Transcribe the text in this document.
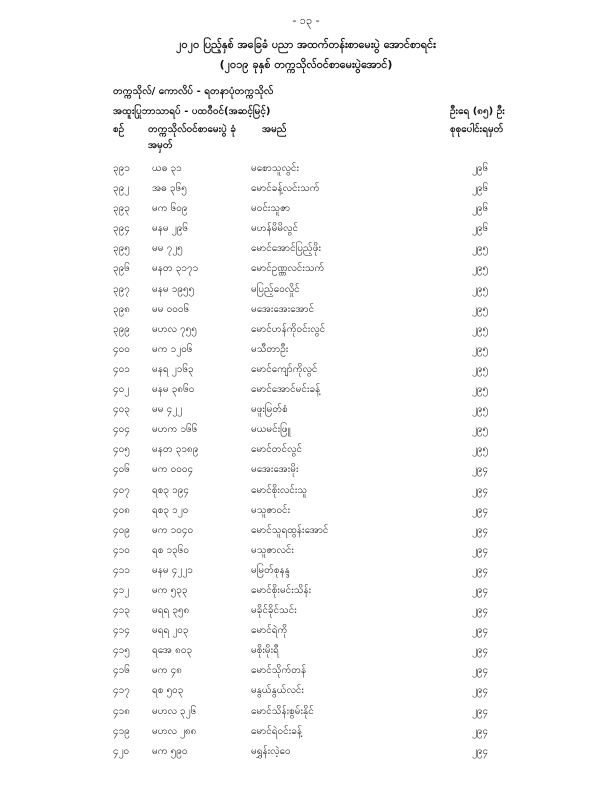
- ၁၃ -
၂၀၂၀ ပြည့်နှစ် အခြေခံ ပညာ အထက်တန်းစာမေးပွဲ အောင်စာရင်း
(၂၀၁၉ ခုနှစ် တက္ကသိုလ်ဝင်စာမေးပွဲအောင်)
တက္ကသိုလ်/ ကောလိပ် - ရတနာပုံတက္ကသိုလ်
အထူးပြုဘာသာရပ် - ပထဝီဝင်(အဆင့်မြင့်)	ဦးရေ (၈၅) ဦး
စဉ် တက္ကသိုလ်ဝင်စာမေးပွဲ ခုံအမှတ်
အမည်	စုစုပေါင်းရမှတ်
၃၉၁ ယဓ ၃၁	မစောသူလွင်း	၂၉၆
၃၉၂ အဓ ၃၆၅	မောင်ခန့်လင်းသက်	၂၉၆
၃၉၃ မက ၆၀၉	မဝင်းသူဇာ	၂၉၆
၃၉၄ မနမ ၂၉၆	မဟန်မိမိလွင်	၂၉၆
၃၉၅ မမ ၇၂၅	မောင်အောင်ပြည့်ဖိုး	၂၉၅
၃၉၆ မနတ ၃၁၇၁	မောင်ဥဏ္ဏလင်းသက်	၂၉၅
၃၉၇ မနမ ၁၉၅၅	မပြည့်ဝေလှိုင်	၂၉၅
၃၉၈ မမ ၀၀၀၆	မအေးအေးအောင်	၂၉၅
၃၉၉ မဟလ ၇၅၅	မောင်ဟန်ကိုဝင်းလွင်	၂၉၅
၄၀၀ မက ၁၂၀၆	မသီတာဦး	၂၉၅
၄၀၁ မနရ ၂၁၆၃	မောင်ကျော်ကိုလွင်	၂၉၅
၄၀၂ မနမ ၃၈၆၀	မောင်အောင်မင်းခန့်	၂၉၅
၄၀၃ မမ ၄၂၂	မဖူးမြတ်စံ	၂၉၅
၄၀၄ မဟက ၁၆၆	မယမင်းဖြူ	၂၉၅
၄၀၅ မနတ ၃၁၈၉	မောင်တင်လွင်	၂၉၅
၄၀၆ မက ၀၀၀၄	မအေးအေးမိုး	၂၉၄
၄၀၇ ရစ၃ ၁၉၄	မောင်စိုးလင်းသူ	၂၉၄
၄၀၈ ရစ၃ ၁၂၀	မသူဇာဝင်း	၂၉၄
၄၀၉ မက ၁၀၄၀	မောင်သူရထွန်းအောင်	၂၉၄
၄၁၀ ရစ ၁၃၆၀	မသူဇာလင်း	၂၉၄
၄၁၁ မနမ ၄၂၂၁	မမြတ်စုနန္ဒ	၂၉၄
၄၁၂ မက ၅၃၃	မောင်စိုးမင်းသိန်း	၂၉၄
၄၁၃ မရရ ၃၅၈	မခိုင်ခိုင်သင်း	၂၉၄
၄၁၄ မရရ ၂၀၃	မောင်ရဲကို	၂၉၄
၄၁၅ ရအေ ၈၀၃	မစိုးမိုးရီ	၂၉၄
၄၁၆ မက ၄၈	မောင်သိုက်တန်	၂၉၄
၄၁၇ ရစ ၅၀၃	မနွယ်နွယ်လင်း	၂၉၄
၄၁၈ မဟလ ၃၂၆	မောင်သိန်းစွမ်းနိုင်	၂၉၄
၄၁၉ မဟလ ၂၈၈	မောင်ရဲဝင်းခန့်	၂၉၄
၄၂၀ မက ၅၉၀	မရွှန်းလဲ့ဝေ	၂၉၄
